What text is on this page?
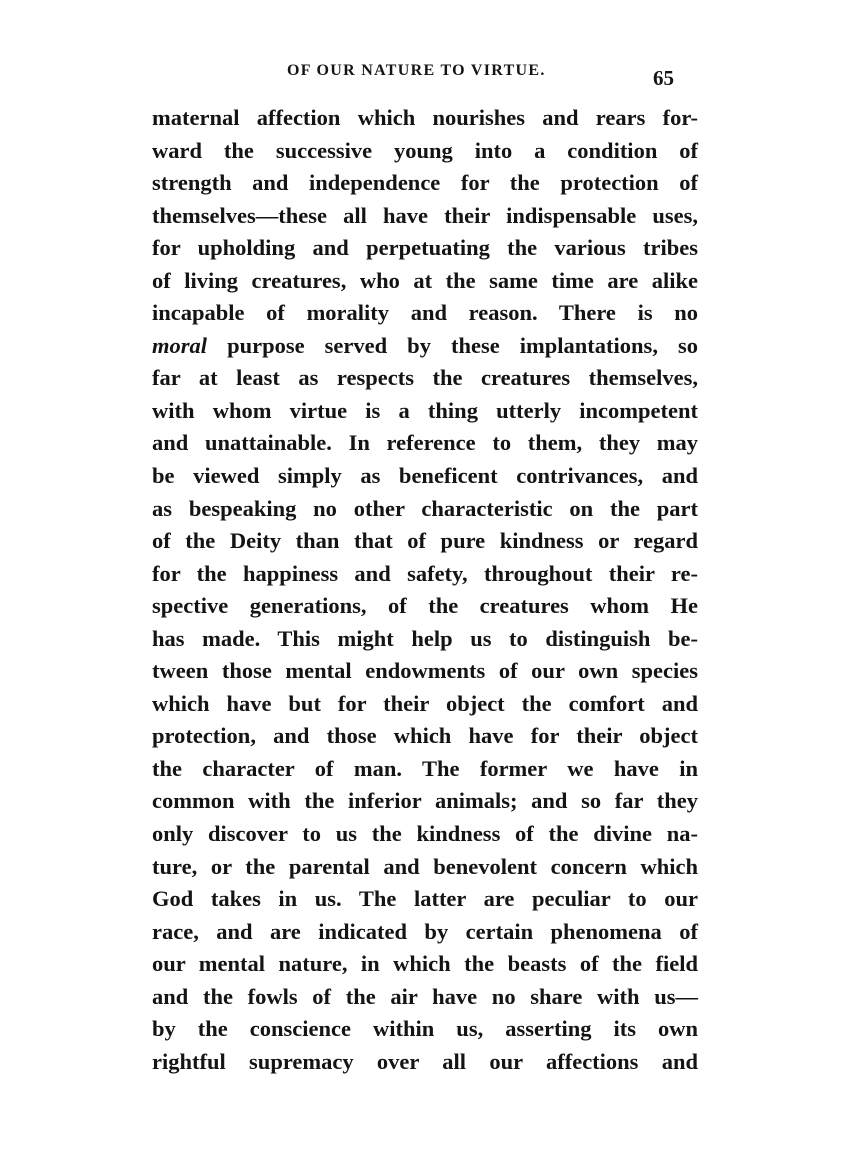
OF OUR NATURE TO VIRTUE.	65
maternal affection which nourishes and rears for-
ward the successive young into a condition of
strength and independence for the protection of
themselves—these all have their indispensable uses,
for upholding and perpetuating the various tribes
of living creatures, who at the same time are alike
incapable of morality and reason. There is no
moral purpose served by these implantations, so
far at least as respects the creatures themselves,
with whom virtue is a thing utterly incompetent
and unattainable. In reference to them, they may
be viewed simply as beneficent contrivances, and
as bespeaking no other characteristic on the part
of the Deity than that of pure kindness or regard
for the happiness and safety, throughout their re-
spective generations, of the creatures whom He
has made. This might help us to distinguish be-
tween those mental endowments of our own species
which have but for their object the comfort and
protection, and those which have for their object
the character of man. The former we have in
common with the inferior animals; and so far they
only discover to us the kindness of the divine na-
ture, or the parental and benevolent concern which
God takes in us. The latter are peculiar to our
race, and are indicated by certain phenomena of
our mental nature, in which the beasts of the field
and the fowls of the air have no share with us—
by the conscience within us, asserting its own
rightful supremacy over all our affections and
